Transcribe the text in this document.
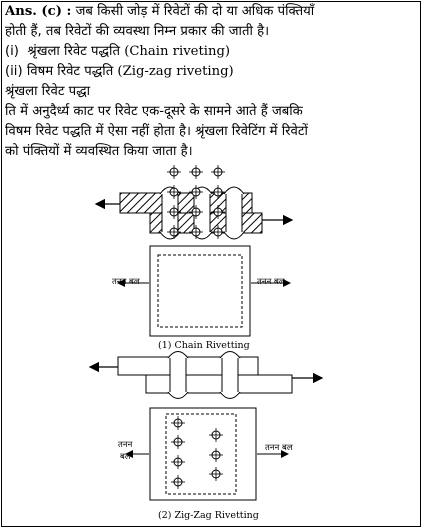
Ans. (c) : जब किसी जोड़ में रिवेटों की दो या अधिक पंक्तियाँ

होती हैं, तब रिवेटों की व्यवस्था निम्न प्रकार की जाती है।

(i) श्रृंखला रिवेट पद्धति (Chain riveting)

(ii) विषम रिवेट पद्धति (Zig-zag riveting)

श्रृंखला रिवेट पद्धा

ति में अनुदैर्ध्य काट पर रिवेट एक-दूसरे के सामने आते हैं जबकि

विषम रिवेट पद्धति में ऐसा नहीं होता है। श्रृंखला रिवेटिंग में रिवेटों

को पंक्तियों में व्यवस्थित किया जाता है।

तनन बल	तनन बल
(1) Chain Rivetting
तनन
बल
तनन बल
(2) Zig-Zag Rivetting
